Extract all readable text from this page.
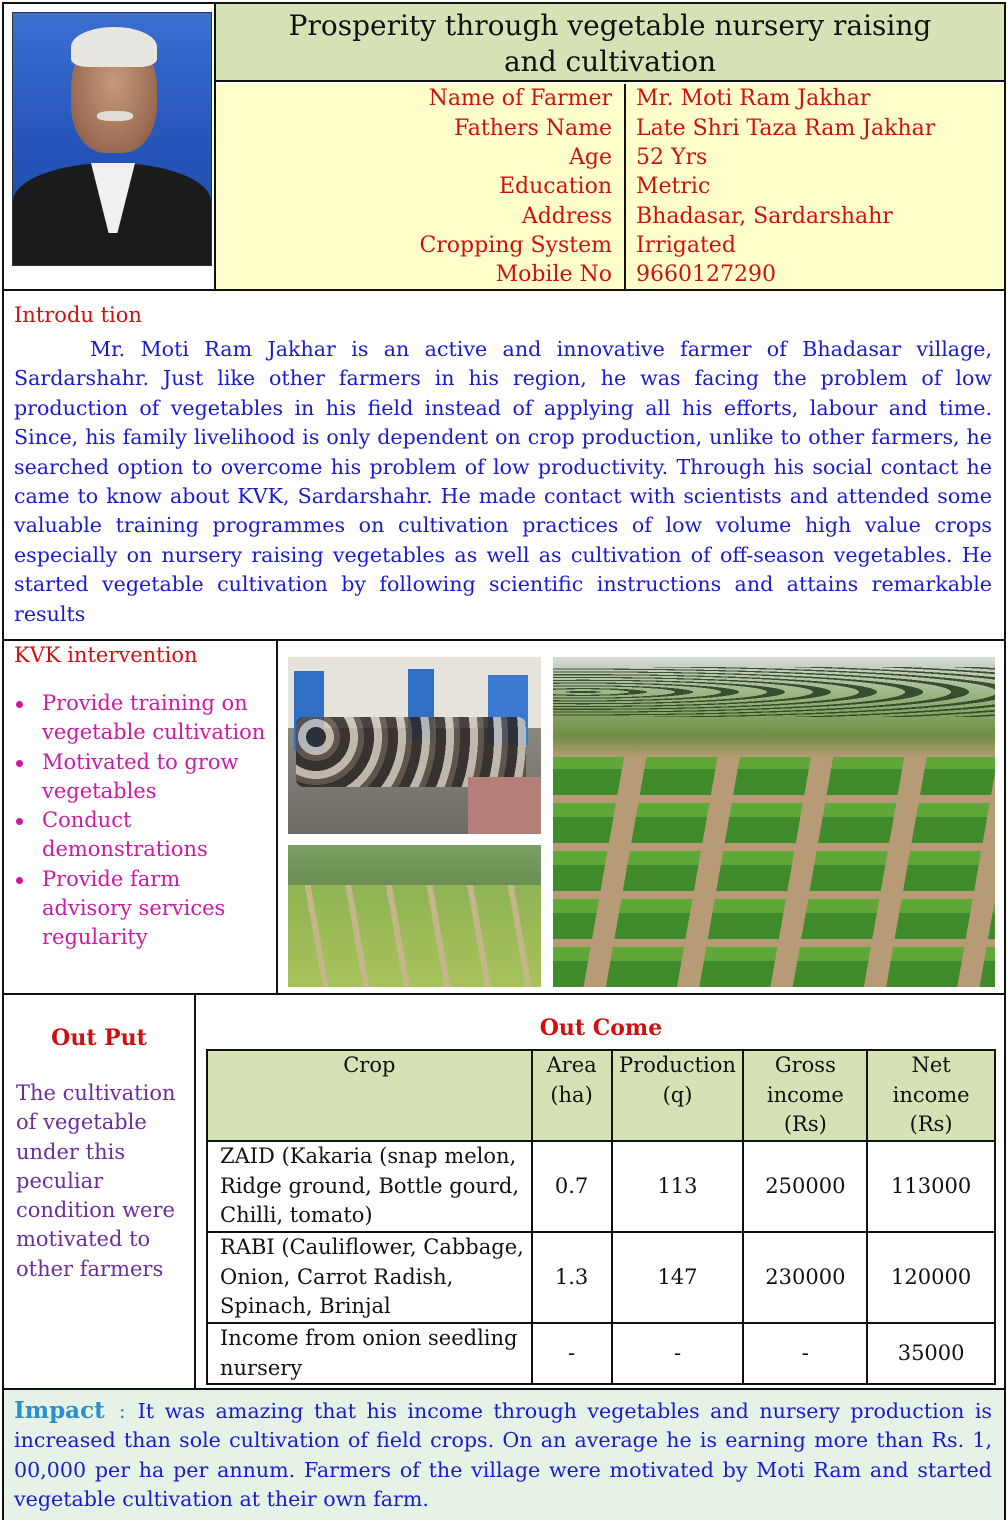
Prosperity through vegetable nursery raising
and cultivation
Name of Farmer Mr. Moti Ram Jakhar
Fathers Name Late Shri Taza Ram Jakhar
Age 52 Yrs
Education Metric
Address Bhadasar, Sardarshahr
Cropping System Irrigated
Mobile No 9660127290
Introdu tion
Mr. Moti Ram Jakhar is an active and innovative farmer of Bhadasar village, Sardarshahr. Just like other farmers in his region, he was facing the problem of low production of vegetables in his field instead of applying all his efforts, labour and time. Since, his family livelihood is only dependent on crop production, unlike to other farmers, he searched option to overcome his problem of low productivity. Through his social contact he came to know about KVK, Sardarshahr. He made contact with scientists and attended some valuable training programmes on cultivation practices of low volume high value crops especially on nursery raising vegetables as well as cultivation of off-season vegetables. He started vegetable cultivation by following scientific instructions and attains remarkable results
KVK intervention
Provide training on vegetable cultivation
Motivated to grow vegetables
Conduct demonstrations
Provide farm advisory services regularity
Out Put
The cultivation of vegetable under this peculiar condition were motivated to other farmers
Out Come
Crop	Area (ha)	Production (q)	Gross income (Rs)	Net income (Rs)
ZAID (Kakaria (snap melon, Ridge ground, Bottle gourd, Chilli, tomato)	0.7	113	250000	113000
RABI (Cauliflower, Cabbage, Onion, Carrot Radish, Spinach, Brinjal	1.3	147	230000	120000
Income from onion seedling nursery	-	-	-	35000
Impact : It was amazing that his income through vegetables and nursery production is increased than sole cultivation of field crops. On an average he is earning more than Rs. 1, 00,000 per ha per annum. Farmers of the village were motivated by Moti Ram and started vegetable cultivation at their own farm.
